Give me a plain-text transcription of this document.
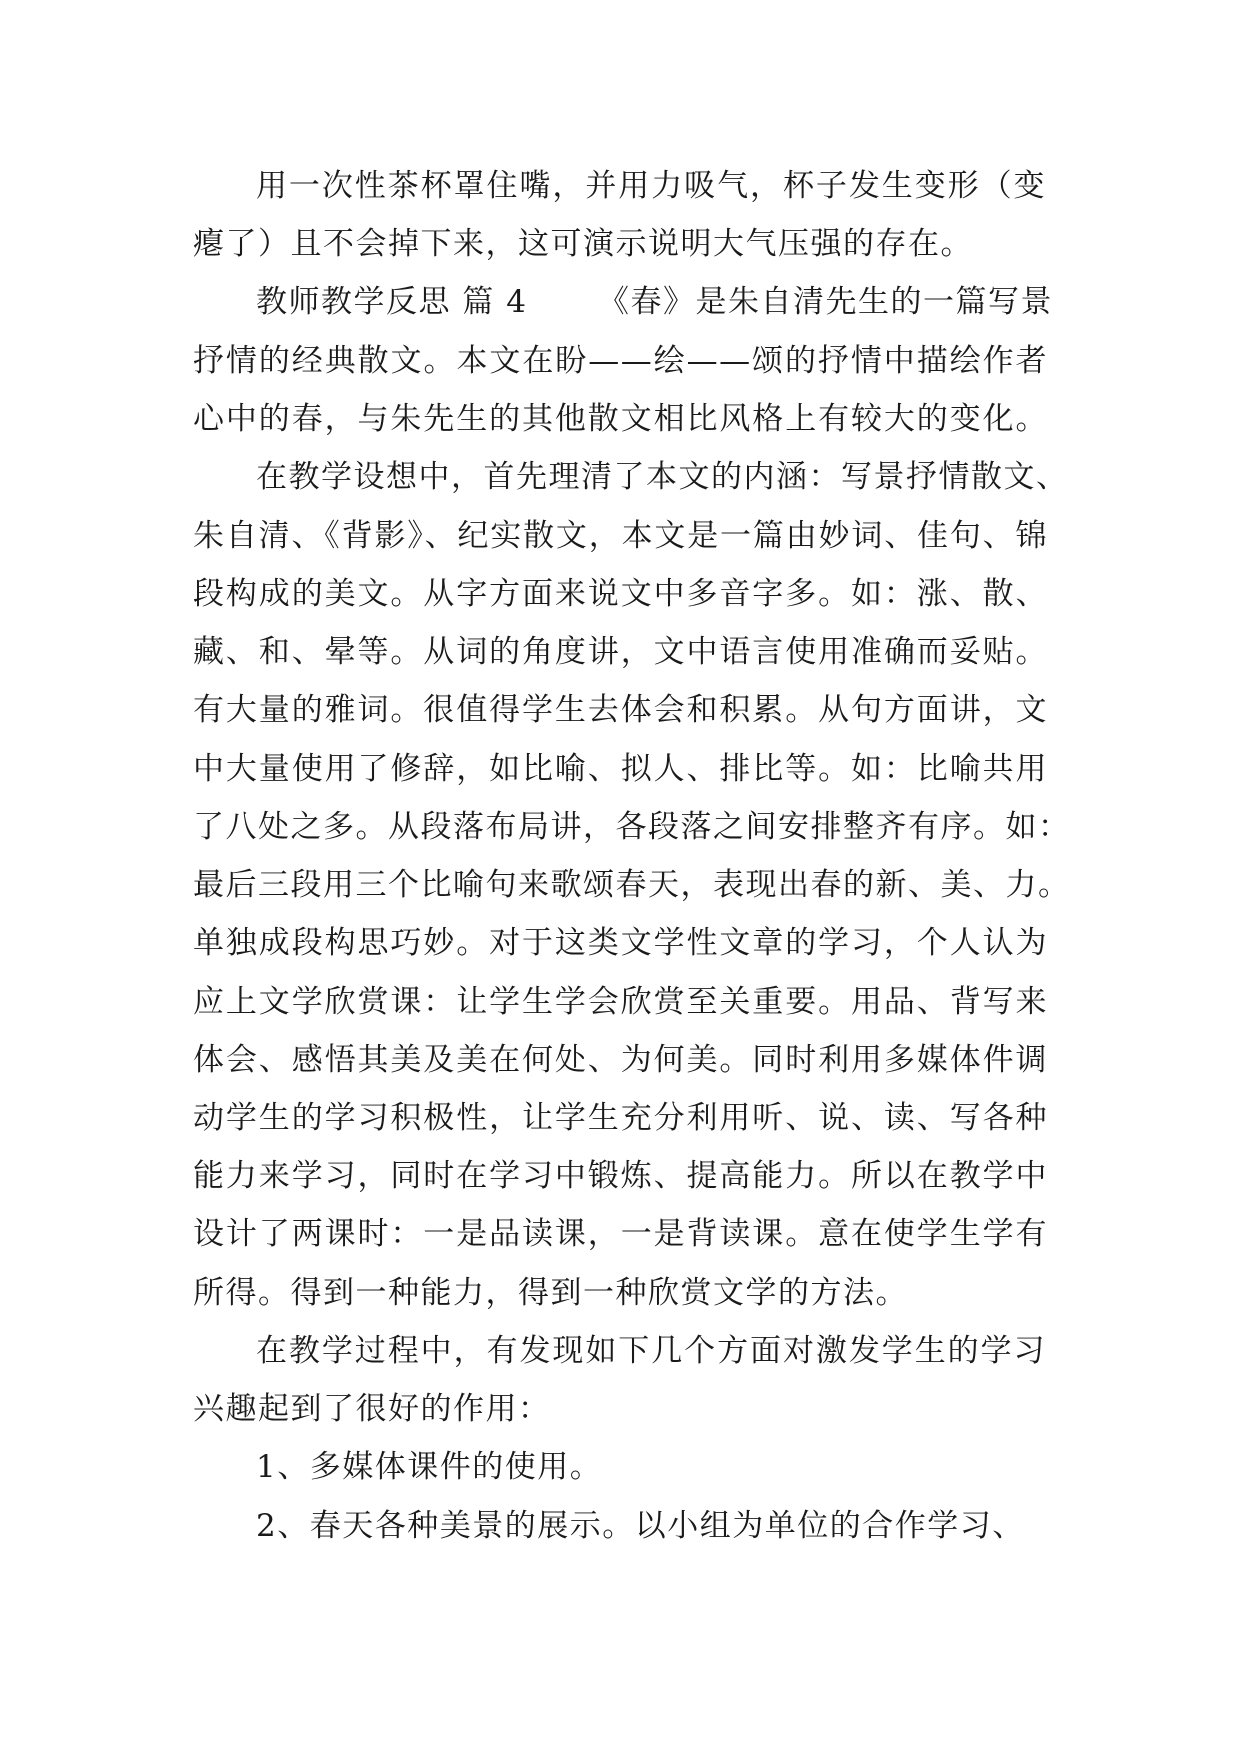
用一次性茶杯罩住嘴，并用力吸气，杯子发生变形（变
瘪了）且不会掉下来，这可演示说明大气压强的存在。
教师教学反思 篇 4 《春》是朱自清先生的一篇写景
抒情的经典散文。本文在盼——绘——颂的抒情中描绘作者
心中的春，与朱先生的其他散文相比风格上有较大的变化。
在教学设想中，首先理清了本文的内涵：写景抒情散文、
朱自清、《背影》、纪实散文，本文是一篇由妙词、佳句、锦
段构成的美文。从字方面来说文中多音字多。如：涨、散、
藏、和、晕等。从词的角度讲，文中语言使用准确而妥贴。
有大量的雅词。很值得学生去体会和积累。从句方面讲，文
中大量使用了修辞，如比喻、拟人、排比等。如：比喻共用
了八处之多。从段落布局讲，各段落之间安排整齐有序。如：
最后三段用三个比喻句来歌颂春天，表现出春的新、美、力。
单独成段构思巧妙。对于这类文学性文章的学习，个人认为
应上文学欣赏课：让学生学会欣赏至关重要。用品、背写来
体会、感悟其美及美在何处、为何美。同时利用多媒体件调
动学生的学习积极性，让学生充分利用听、说、读、写各种
能力来学习，同时在学习中锻炼、提高能力。所以在教学中
设计了两课时：一是品读课，一是背读课。意在使学生学有
所得。得到一种能力，得到一种欣赏文学的方法。
在教学过程中，有发现如下几个方面对激发学生的学习
兴趣起到了很好的作用：
1、多媒体课件的使用。
2、春天各种美景的展示。以小组为单位的合作学习、
